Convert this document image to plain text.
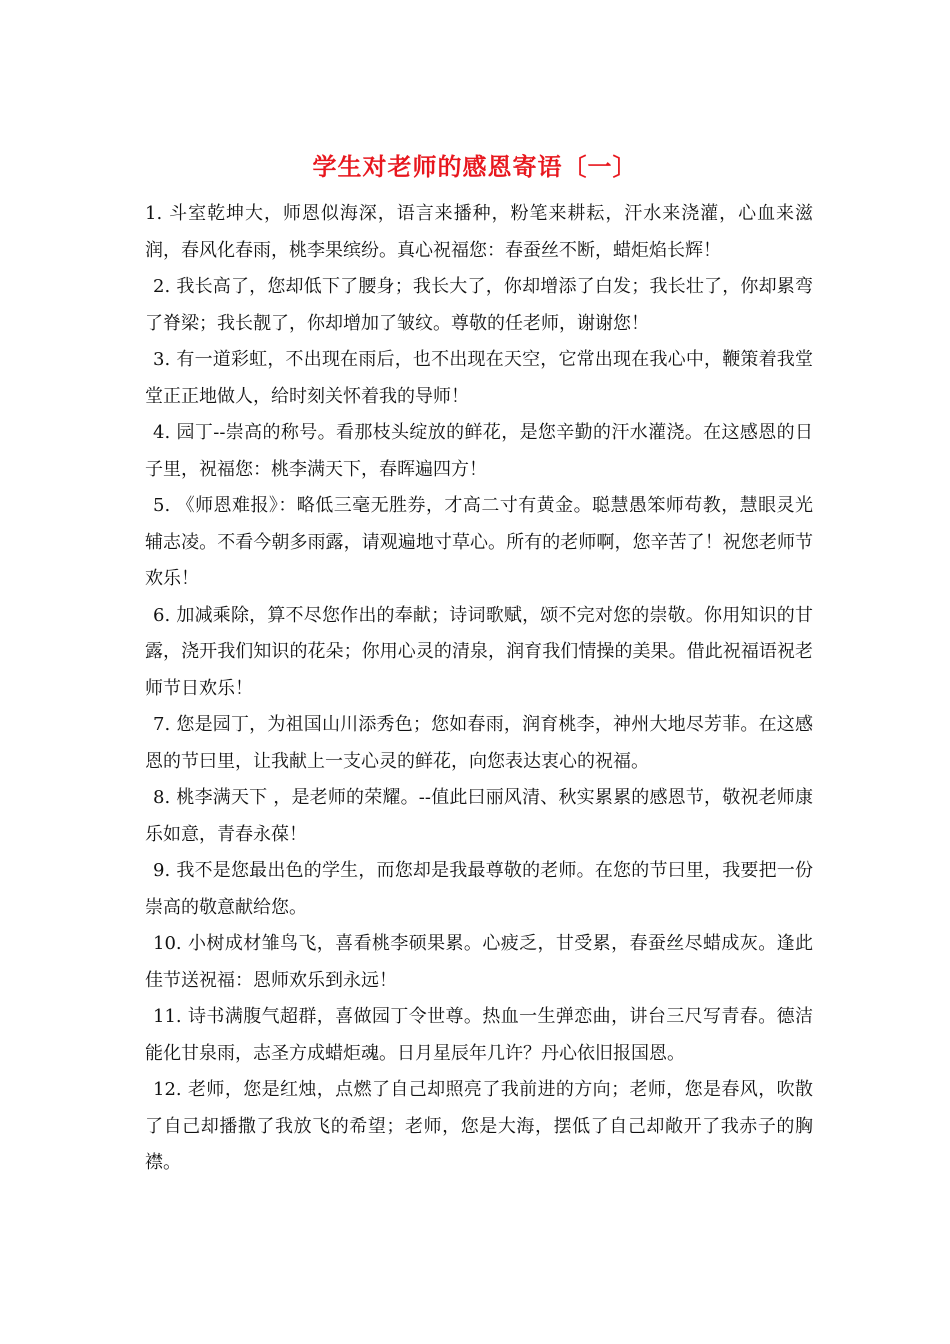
学生对老师的感恩寄语〔一〕

1. 斗室乾坤大，师恩似海深，语言来播种，粉笔来耕耘，汗水来浇灌，心血来滋润，春风化春雨，桃李果缤纷。真心祝福您：春蚕丝不断，蜡炬焰长辉！

2. 我长高了，您却低下了腰身；我长大了，你却增添了白发；我长壮了，你却累弯了脊梁；我长靓了，你却增加了皱纹。尊敬的任老师，谢谢您！

3. 有一道彩虹，不出现在雨后，也不出现在天空，它常出现在我心中，鞭策着我堂堂正正地做人，给时刻关怀着我的导师！

4. 园丁--崇高的称号。看那枝头绽放的鲜花，是您辛勤的汗水灌浇。在这感恩的日子里，祝福您：桃李满天下，春晖遍四方！

5. 《师恩难报》：略低三毫无胜券，才高二寸有黄金。聪慧愚笨师苟教，慧眼灵光辅志凌。不看今朝多雨露，请观遍地寸草心。所有的老师啊，您辛苦了！祝您老师节欢乐！

6. 加减乘除，算不尽您作出的奉献；诗词歌赋，颂不完对您的崇敬。你用知识的甘露，浇开我们知识的花朵；你用心灵的清泉，润育我们情操的美果。借此祝福语祝老师节日欢乐！

7. 您是园丁，为祖国山川添秀色；您如春雨，润育桃李，神州大地尽芳菲。在这感恩的节曰里，让我献上一支心灵的鲜花，向您表达衷心的祝福。

8. 桃李满天下 ，是老师的荣耀。--值此曰丽风清、秋实累累的感恩节，敬祝老师康乐如意，青春永葆！

9. 我不是您最出色的学生，而您却是我最尊敬的老师。在您的节曰里，我要把一份崇高的敬意献给您。

10. 小树成材雏鸟飞，喜看桃李硕果累。心疲乏，甘受累，春蚕丝尽蜡成灰。逢此佳节送祝福：恩师欢乐到永远！

11. 诗书满腹气超群，喜做园丁令世尊。热血一生弹恋曲，讲台三尺写青春。德洁能化甘泉雨，志圣方成蜡炬魂。日月星辰年几许？丹心依旧报国恩。

12. 老师，您是红烛，点燃了自己却照亮了我前进的方向；老师，您是春风，吹散了自己却播撒了我放飞的希望；老师，您是大海，摆低了自己却敞开了我赤子的胸襟。
